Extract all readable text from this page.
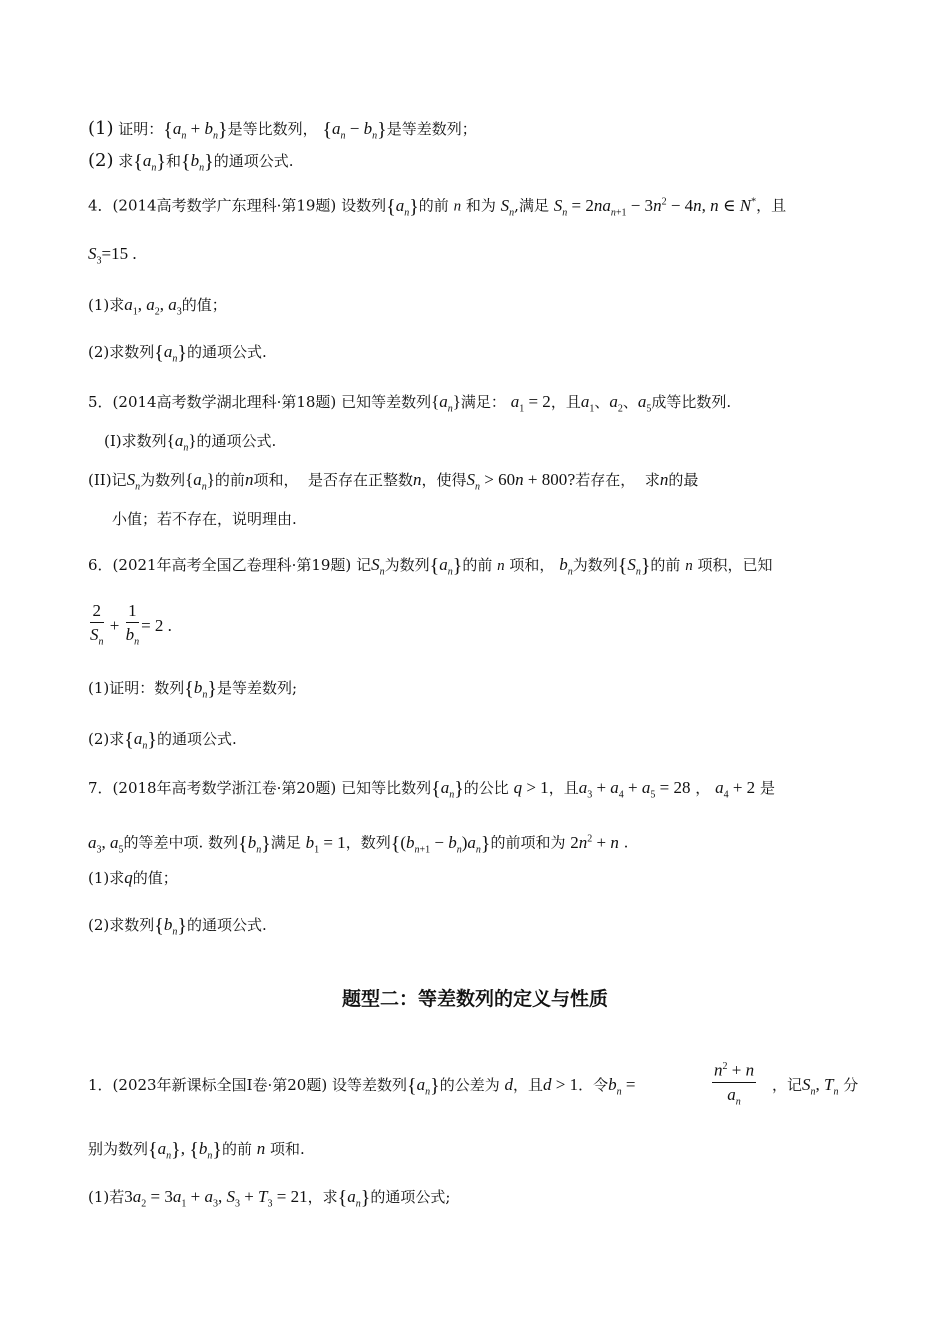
(1) 证明：$\{a_n + b_n\}$是等比数列， $\{a_n - b_n\}$是等差数列；
(2) 求$\{a_n\}$和$\{b_n\}$的通项公式.
4．(2014高考数学广东理科·第19题) 设数列$\{a_n\}$的前 n 和为 $S_n$,满足 $S_n = 2na_{n+1} - 3n^2 - 4n$, n ∈ N*，且
$S_3=15$ .
(1)求$a_1$, $a_2$, $a_3$的值；
(2)求数列$\{a_n\}$的通项公式.
5．(2014高考数学湖北理科·第18题) 已知等差数列$\{a_n\}$满足： $a_1 = 2$，且$a_1$、$a_2$、$a_5$成等比数列.
(I)求数列$\{a_n\}$的通项公式.
(II)记$S_n$为数列$\{a_n\}$的前n项和， 是否存在正整数n，使得$S_n > 60n + 800$?若存在， 求n的最
小值；若不存在，说明理由.
6．(2021年高考全国乙卷理科·第19题) 记$S_n$为数列$\{a_n\}$的前 n 项和， $b_n$为数列$\{S_n\}$的前 n 项积，已知
$\frac{2}{S_n} + \frac{1}{b_n} = 2$ .
(1)证明：数列$\{b_n\}$是等差数列;
(2)求$\{a_n\}$的通项公式.
7．(2018年高考数学浙江卷·第20题) 已知等比数列$\{a_n\}$的公比 q > 1，且$a_3 + a_4 + a_5 = 28$ ， $a_4 + 2$ 是
$a_3$, $a_5$的等差中项. 数列$\{b_n\}$满足 $b_1 = 1$，数列$\{(b_{n+1} - b_n)a_n\}$的前项和为 $2n^2 + n$ .
(1)求q的值；
(2)求数列$\{b_n\}$的通项公式.
题型二：等差数列的定义与性质
1．(2023年新课标全国Ⅰ卷·第20题) 设等差数列$\{a_n\}$的公差为 d，且d > 1．令$b_n$ =	$\frac{n^2 + n}{a_n}$ ，记$S_n$, $T_n$ 分
别为数列$\{a_n\}$, $\{b_n\}$的前 n 项和.
(1)若$3a_2 = 3a_1 + a_3$, $S_3 + T_3 = 21$，求$\{a_n\}$的通项公式;
